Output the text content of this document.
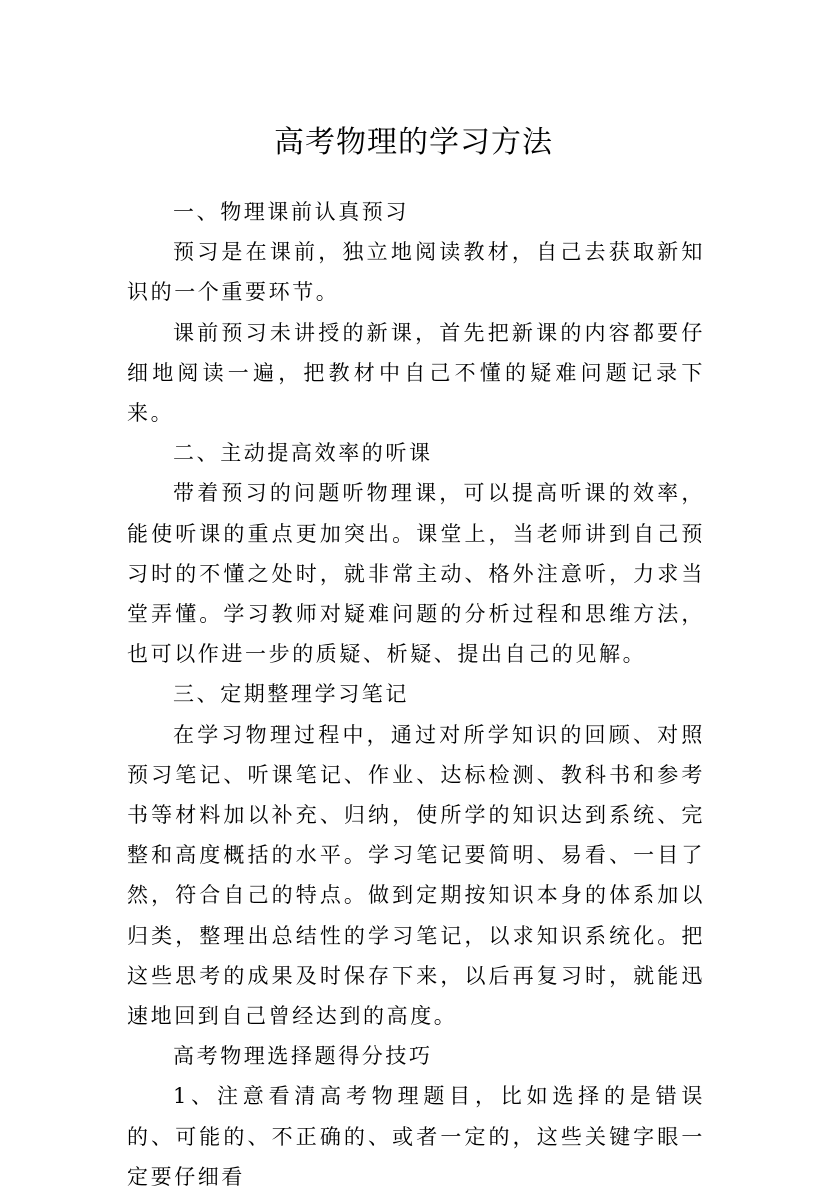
高考物理的学习方法

一、物理课前认真预习

预习是在课前，独立地阅读教材，自己去获取新知识的一个重要环节。

课前预习未讲授的新课，首先把新课的内容都要仔细地阅读一遍，把教材中自己不懂的疑难问题记录下来。

二、主动提高效率的听课

带着预习的问题听物理课，可以提高听课的效率，能使听课的重点更加突出。课堂上，当老师讲到自己预习时的不懂之处时，就非常主动、格外注意听，力求当堂弄懂。学习教师对疑难问题的分析过程和思维方法，也可以作进一步的质疑、析疑、提出自己的见解。

三、定期整理学习笔记

在学习物理过程中，通过对所学知识的回顾、对照预习笔记、听课笔记、作业、达标检测、教科书和参考书等材料加以补充、归纳，使所学的知识达到系统、完整和高度概括的水平。学习笔记要简明、易看、一目了然，符合自己的特点。做到定期按知识本身的体系加以归类，整理出总结性的学习笔记，以求知识系统化。把这些思考的成果及时保存下来，以后再复习时，就能迅速地回到自己曾经达到的高度。

高考物理选择题得分技巧

1、注意看清高考物理题目，比如选择的是错误的、可能的、不正确的、或者一定的，这些关键字眼一定要仔细看
